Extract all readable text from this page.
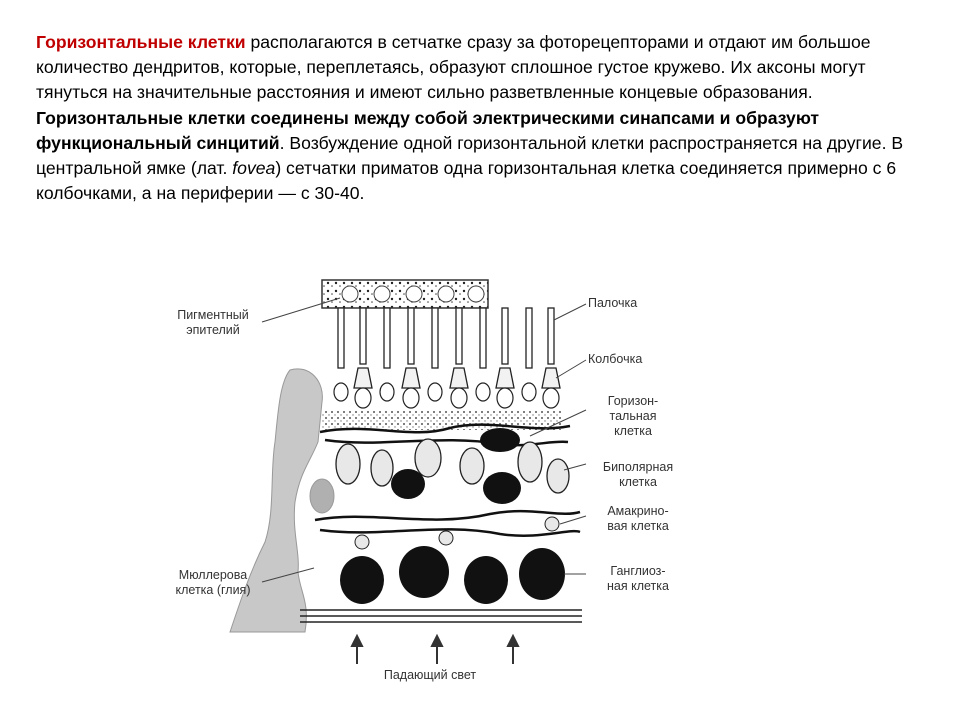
Горизонтальные клетки располагаются в сетчатке сразу за фоторецепторами и отдают им большое количество дендритов, которые, переплетаясь, образуют сплошное густое кружево. Их аксоны могут тянуться на значительные расстояния и имеют сильно разветвленные концевые образования. Горизонтальные клетки соединены между собой электрическими синапсами и образуют функциональный синцитий. Возбуждение одной горизонтальной клетки распространяется на другие. В центральной ямке (лат. fovea) сетчатки приматов одна горизонтальная клетка соединяется примерно с 6 колбочками, а на периферии — с 30-40.
Пигментный
эпителий
Палочка
Колбочка
Горизон-
тальная
клетка
Биполярная
клетка
Амакрино-
вая клетка
Мюллерова
клетка (глия)
Ганглиоз-
ная клетка
Падающий свет
